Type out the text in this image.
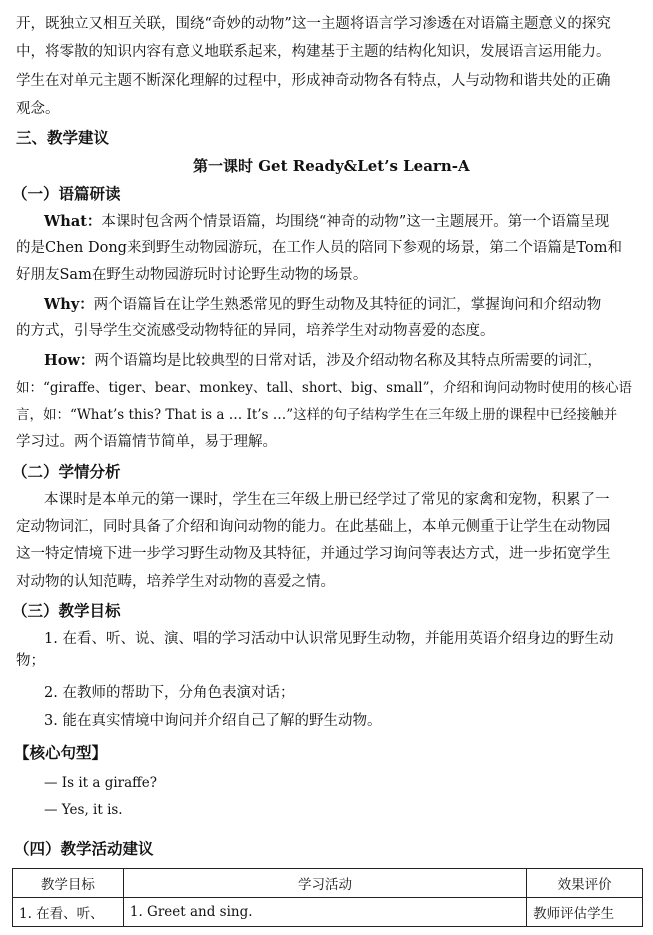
开，既独立又相互关联，围绕“奇妙的动物”这一主题将语言学习渗透在对语篇主题意义的探究
中，将零散的知识内容有意义地联系起来，构建基于主题的结构化知识，发展语言运用能力。
学生在对单元主题不断深化理解的过程中，形成神奇动物各有特点，人与动物和谐共处的正确
观念。
三、教学建议
第一课时 Get Ready&Let’s Learn-A
（一）语篇研读
What：本课时包含两个情景语篇，均围绕“神奇的动物”这一主题展开。第一个语篇呈现
的是Chen Dong来到野生动物园游玩，在工作人员的陪同下参观的场景，第二个语篇是Tom和
好朋友Sam在野生动物园游玩时讨论野生动物的场景。
Why：两个语篇旨在让学生熟悉常见的野生动物及其特征的词汇，掌握询问和介绍动物
的方式，引导学生交流感受动物特征的异同，培养学生对动物喜爱的态度。
How：两个语篇均是比较典型的日常对话，涉及介绍动物名称及其特点所需要的词汇，
如：“giraffe、tiger、bear、monkey、tall、short、big、small”，介绍和询问动物时使用的核心语
言，如：“What’s this? That is a … It’s …”这样的句子结构学生在三年级上册的课程中已经接触并
学习过。两个语篇情节简单，易于理解。
（二）学情分析
本课时是本单元的第一课时，学生在三年级上册已经学过了常见的家禽和宠物，积累了一
定动物词汇，同时具备了介绍和询问动物的能力。在此基础上，本单元侧重于让学生在动物园
这一特定情境下进一步学习野生动物及其特征，并通过学习询问等表达方式，进一步拓宽学生
对动物的认知范畴，培养学生对动物的喜爱之情。
（三）教学目标
1. 在看、听、说、演、唱的学习活动中认识常见野生动物，并能用英语介绍身边的野生动
物；
2. 在教师的帮助下，分角色表演对话；
3. 能在真实情境中询问并介绍自己了解的野生动物。
【核心句型】
— Is it a giraffe?
— Yes, it is.
（四）教学活动建议
教学目标	学习活动	效果评价
1. 在看、听、	1. Greet and sing.	教师评估学生
